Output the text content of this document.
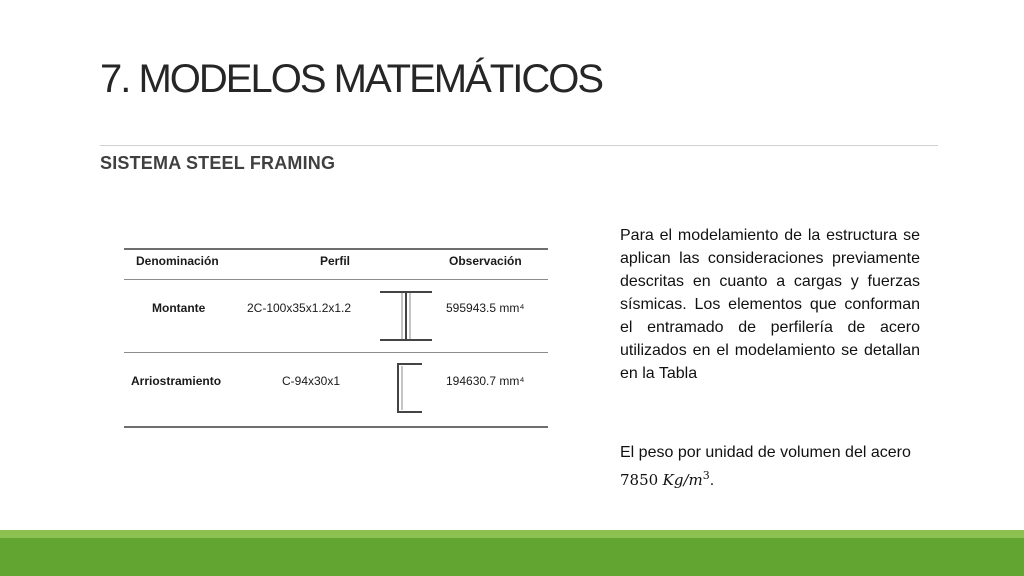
7. MODELOS MATEMÁTICOS
SISTEMA STEEL FRAMING
Denominación	Perfil	Observación
Montante	2C-100x35x1.2x1.2	595943.5 mm⁴
Arriostramiento	C-94x30x1	194630.7 mm⁴
Para el modelamiento de la estructura se aplican las consideraciones previamente descritas en cuanto a cargas y fuerzas sísmicas. Los elementos que conforman el entramado de perfilería de acero utilizados en el modelamiento se detallan en la Tabla
El peso por unidad de volumen del acero 7850 $Kg/m^3$.
